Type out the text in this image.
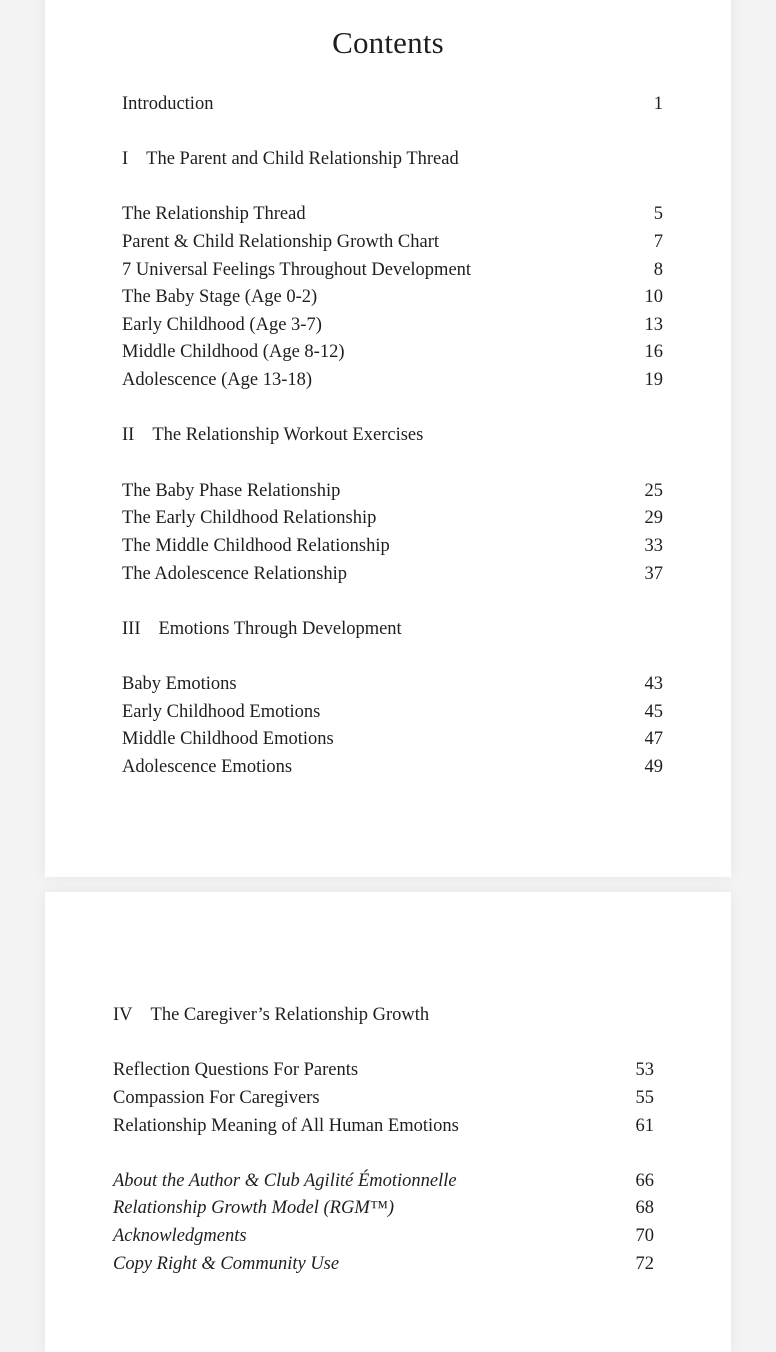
Contents
Introduction	1
I The Parent and Child Relationship Thread
The Relationship Thread	5
Parent & Child Relationship Growth Chart	7
7 Universal Feelings Throughout Development	8
The Baby Stage (Age 0-2)	10
Early Childhood (Age 3-7)	13
Middle Childhood (Age 8-12)	16
Adolescence (Age 13-18)	19
II The Relationship Workout Exercises
The Baby Phase Relationship	25
The Early Childhood Relationship	29
The Middle Childhood Relationship	33
The Adolescence Relationship	37
III Emotions Through Development
Baby Emotions	43
Early Childhood Emotions	45
Middle Childhood Emotions	47
Adolescence Emotions	49
IV The Caregiver’s Relationship Growth
Reflection Questions For Parents	53
Compassion For Caregivers	55
Relationship Meaning of All Human Emotions	61
About the Author & Club Agilité Émotionnelle	66
Relationship Growth Model (RGM™)	68
Acknowledgments	70
Copy Right & Community Use	72
